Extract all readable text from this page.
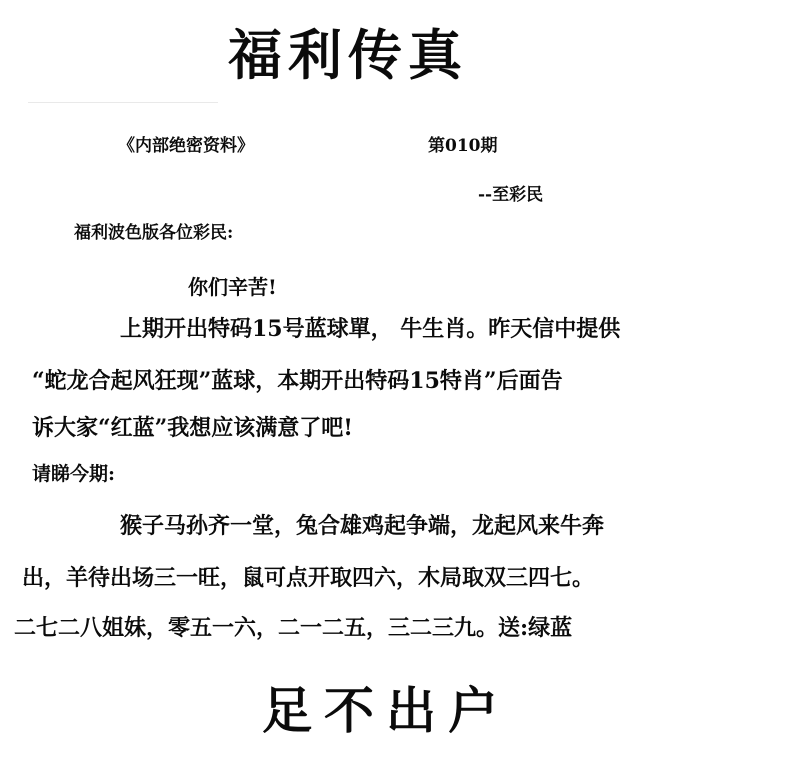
福利传真
《内部绝密资料》	第010期
--至彩民
福利波色版各位彩民:
你们辛苦!
上期开出特码15号蓝球單， 牛生肖。昨天信中提供
“蛇龙合起风狂现”蓝球，本期开出特码15特肖”后面告
诉大家“红蓝”我想应该满意了吧!
请睇今期:
猴子马孙齐一堂，兔合雄鸡起争端，龙起风来牛奔
出，羊待出场三一旺，鼠可点开取四六，木局取双三四七。
二七二八姐妹，零五一六，二一二五，三二三九。送:绿蓝
足不出户
